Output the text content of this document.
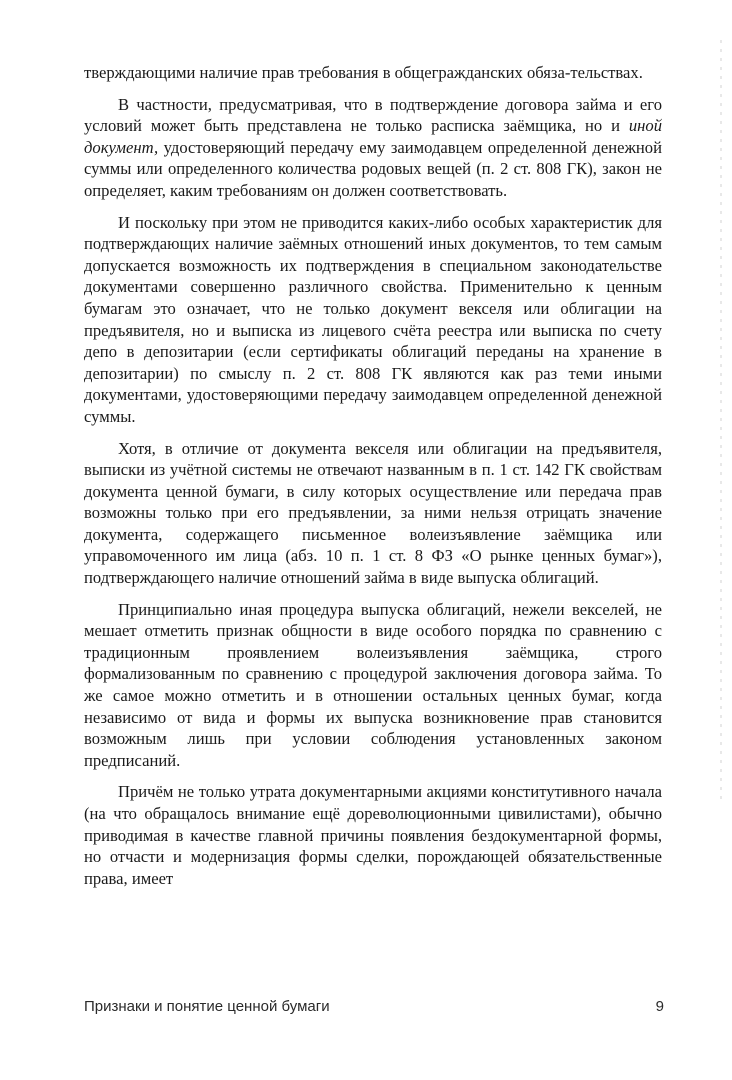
тверждающими наличие прав требования в общегражданских обяза-тельствах.

В частности, предусматривая, что в подтверждение договора займа и его условий может быть представлена не только расписка заёмщика, но и иной документ, удостоверяющий передачу ему заимодавцем определенной денежной суммы или определенного количества родовых вещей (п. 2 ст. 808 ГК), закон не определяет, каким требованиям он должен соответствовать.

И поскольку при этом не приводится каких-либо особых характеристик для подтверждающих наличие заёмных отношений иных документов, то тем самым допускается возможность их подтверждения в специальном законодательстве документами совершенно различного свойства. Применительно к ценным бумагам это означает, что не только документ векселя или облигации на предъявителя, но и выписка из лицевого счёта реестра или выписка по счету депо в депозитарии (если сертификаты облигаций переданы на хранение в депозитарии) по смыслу п. 2 ст. 808 ГК являются как раз теми иными документами, удостоверяющими передачу заимодавцем определенной денежной суммы.

Хотя, в отличие от документа векселя или облигации на предъявителя, выписки из учётной системы не отвечают названным в п. 1 ст. 142 ГК свойствам документа ценной бумаги, в силу которых осуществление или передача прав возможны только при его предъявлении, за ними нельзя отрицать значение документа, содержащего письменное волеизъявление заёмщика или управомоченного им лица (абз. 10 п. 1 ст. 8 ФЗ «О рынке ценных бумаг»), подтверждающего наличие отношений займа в виде выпуска облигаций.

Принципиально иная процедура выпуска облигаций, нежели векселей, не мешает отметить признак общности в виде особого порядка по сравнению с традиционным проявлением волеизъявления заёмщика, строго формализованным по сравнению с процедурой заключения договора займа. То же самое можно отметить и в отношении остальных ценных бумаг, когда независимо от вида и формы их выпуска возникновение прав становится возможным лишь при условии соблюдения установленных законом предписаний.

Причём не только утрата документарными акциями конститутивного начала (на что обращалось внимание ещё дореволюционными цивилистами), обычно приводимая в качестве главной причины появления бездокументарной формы, но отчасти и модернизация формы сделки, порождающей обязательственные права, имеет

Признаки и понятие ценной бумаги	9
